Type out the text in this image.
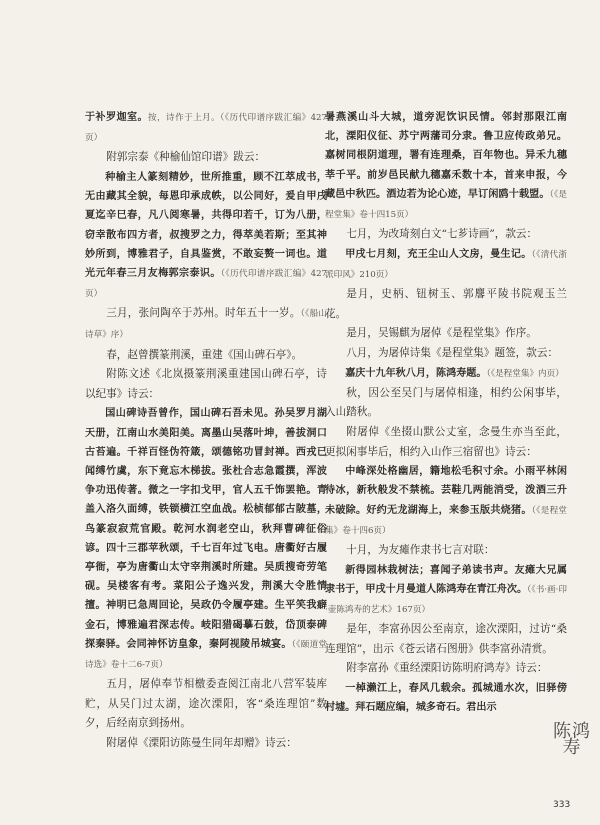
于补罗迦室。按，诗作于上月。（《历代印谱序跋汇编》427页）

附郭宗泰《种榆仙馆印谱》跋云：

种榆主人篆刻精妙，世所推重，顾不江萃成书，无由藏其全貌，每恩印承成帙，以公同好，爰自甲戌夏迄辛巳春，凡八阅寒暑，共得印若千，订为八册，窃幸散布四方者，叔搜罗之力，得萃美若斯；至其神妙所到，博雅君子，自具鉴赏，不敢妄赘一词也。道光元年春三月友梅郭宗泰识。（《历代印谱序跋汇编》427页）

三月，张问陶卒于苏州。时年五十一岁。（《船山诗草》序）

春，赵曾撰篆荆溪，重建《国山碑石亭》。

附陈文述《北岚摄篆荆溪重建国山碑石亭，诗以纪事》诗云：

国山碑诗吾曾作，国山碑石吾未见。孙吴罗月湖天册，江南山水美阳美。离墨山吴落叶坤，善拔洞口古苔遍。千祥百怪伪符箴，颂德铭功冒封禅。西戎已闻缚竹虞，东下竟忘木梯拔。张杜合志急霞撰，浑波争功迅传著。微之一字扣戈甲，官人五千饰罢艳。青盖入洛久面缚，铁锁横江空血战。松桢郁郁古陂墓，鸟篆寂寂荒官殿。乾河水润老空山，秋拜曹碑征俗谚。四十三郡苹秋颂，千七百年过飞电。唐衢好古履亭衙，亭为唐衢山太守宰荆溪时所建。吴质搜奇劳笔砚。吴楼客有考。菜阳公子逸兴发，荆溪大令胜情擅。神明已急周回论，吴政仍令履亭建。生平笑我癖金石，博雅遍君深志传。岐阳猎碣摹石鼓，岱顶泰碑探秦驿。会同神怀访皇象，秦阿视陵吊城宴。（《颐道堂诗选》卷十二6-7页）

五月，屠倬奉节相檄委查阅江南北八营军装库贮，从吴门过太湖，途次溧阳，客“桑连理馆”数夕，后经南京到扬州。

附屠倬《溧阳访陈曼生同年却赠》诗云：

暑燕溪山斗大城，道旁泥饮识民情。邻封那限江南北，溧阳仪征、苏宁两藩司分隶。鲁卫应传政弟兄。嘉树同根阴道理，署有连理桑，百年物也。异禾九穗莘千平。前岁邑民献九穗嘉禾数十本，首来申报，今藏邑中秋匹。酒边若为论心迹，早订闲鸥十载盟。（《是程堂集》卷十四15页）

七月，为改琦刻白文“七芗诗画”，款云：

甲戌七月刻，充王尘山人文房，曼生记。（《清代浙派印风》210页）

是月，史柄、钮树玉、郭麐平陵书院观玉兰花。

是月，吴锡麒为屠倬《是程堂集》作序。

八月，为屠倬诗集《是程堂集》题签，款云：

嘉庆十九年秋八月，陈鸿寿题。（《是程堂集》内页）

秋，因公至吴门与屠倬相逢，相约公闲事毕，入山踏秋。

附屠倬《坐掇山默公丈室，念曼生亦当至此，更拟闲事毕后，相约入山作三宿留也》诗云：

中峰深处格幽居，籍地松毛积寸余。小雨平林闲待冰，新秋般发不禁梳。芸鞋几两能消受，泼酒三升未破除。好约无龙湖海上，来参玉版共烧猪。（《是程堂集》卷十四6页）

十月，为友瘫作隶书七言对联：

新得园林栽树法；喜闻子弟读书声。友瘫大兄属隶书于，甲戌十月曼道人陈鸿寿在青江舟次。（《书·画·印·壶陈鸿寿的艺术》167页）

是年，李富孙因公至南京，途次溧阳，过访“桑连理馆”，出示《苍云诸石图册》供李富孙清赏。

附李富孙《重经溧阳访陈明府鸿寿》诗云：

一棹濑江上，春风几载余。孤城通水次，旧驿傍村墟。拜石题应编，城多奇石。君出示

陈鸿寿
333
